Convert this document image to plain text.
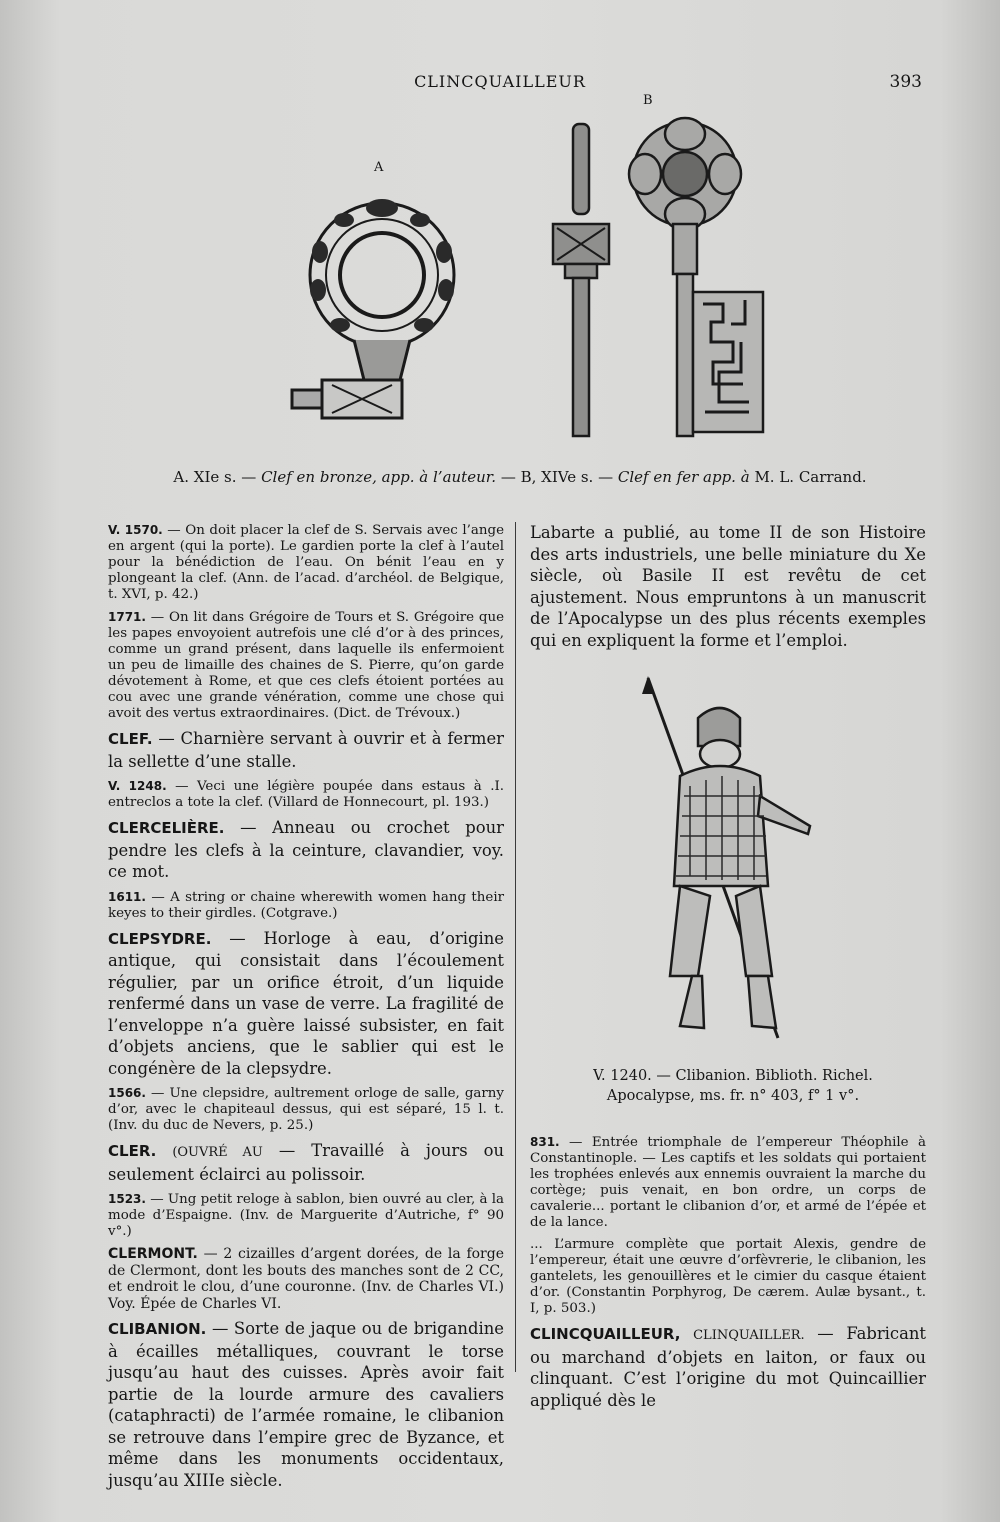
CLINCQUAILLEUR	393
A
B
A. XIe s. — Clef en bronze, app. à l’auteur. — B, XIVe s. — Clef en fer app. à M. L. Carrand.

V. 1570. — On doit placer la clef de S. Servais avec l’ange en argent (qui la porte). Le gardien porte la clef à l’autel pour la bénédiction de l’eau. On bénit l’eau en y plongeant la clef. (Ann. de l’acad. d’archéol. de Belgique, t. XVI, p. 42.)

1771. — On lit dans Grégoire de Tours et S. Grégoire que les papes envoyoient autrefois une clé d’or à des princes, comme un grand présent, dans laquelle ils enfermoient un peu de limaille des chaines de S. Pierre, qu’on garde dévotement à Rome, et que ces clefs étoient portées au cou avec une grande vénération, comme une chose qui avoit des vertus extraordinaires. (Dict. de Trévoux.)

CLEF. — Charnière servant à ouvrir et à fermer la sellette d’une stalle.

V. 1248. — Veci une légière poupée dans estaus à .I. entreclos a tote la clef. (Villard de Honnecourt, pl. 193.)

CLERCELIÈRE. — Anneau ou crochet pour pendre les clefs à la ceinture, clavandier, voy. ce mot.

1611. — A string or chaine wherewith women hang their keyes to their girdles. (Cotgrave.)

CLEPSYDRE. — Horloge à eau, d’origine antique, qui consistait dans l’écoulement régulier, par un orifice étroit, d’un liquide renfermé dans un vase de verre. La fragilité de l’enveloppe n’a guère laissé subsister, en fait d’objets anciens, que le sablier qui est le congénère de la clepsydre.

1566. — Une clepsidre, aultrement orloge de salle, garny d’or, avec le chapiteaul dessus, qui est séparé, 15 l. t. (Inv. du duc de Nevers, p. 25.)

CLER. (OUVRÉ AU — Travaillé à jours ou seulement éclairci au polissoir.

1523. — Ung petit reloge à sablon, bien ouvré au cler, à la mode d’Espaigne. (Inv. de Marguerite d’Autriche, f° 90 v°.)

CLERMONT. — 2 cizailles d’argent dorées, de la forge de Clermont, dont les bouts des manches sont de 2 CC, et endroit le clou, d’une couronne. (Inv. de Charles VI.) Voy. Épée de Charles VI.

CLIBANION. — Sorte de jaque ou de brigandine à écailles métalliques, couvrant le torse jusqu’au haut des cuisses. Après avoir fait partie de la lourde armure des cavaliers (cataphracti) de l’armée romaine, le clibanion se retrouve dans l’empire grec de Byzance, et même dans les monuments occidentaux, jusqu’au XIIIe siècle.

Labarte a publié, au tome II de son Histoire des arts industriels, une belle miniature du Xe siècle, où Basile II est revêtu de cet ajustement. Nous empruntons à un manuscrit de l’Apocalypse un des plus récents exemples qui en expliquent la forme et l’emploi.

V. 1240. — Clibanion. Biblioth. Richel.
Apocalypse, ms. fr. n° 403, f° 1 v°.

831. — Entrée triomphale de l’empereur Théophile à Constantinople. — Les captifs et les soldats qui portaient les trophées enlevés aux ennemis ouvraient la marche du cortège; puis venait, en bon ordre, un corps de cavalerie... portant le clibanion d’or, et armé de l’épée et de la lance.

... L’armure complète que portait Alexis, gendre de l’empereur, était une œuvre d’orfèvrerie, le clibanion, les gantelets, les genouillères et le cimier du casque étaient d’or. (Constantin Porphyrog, De cærem. Aulæ bysant., t. I, p. 503.)

CLINCQUAILLEUR, CLINQUAILLER. — Fabricant ou marchand d’objets en laiton, or faux ou clinquant. C’est l’origine du mot Quincaillier appliqué dès le
